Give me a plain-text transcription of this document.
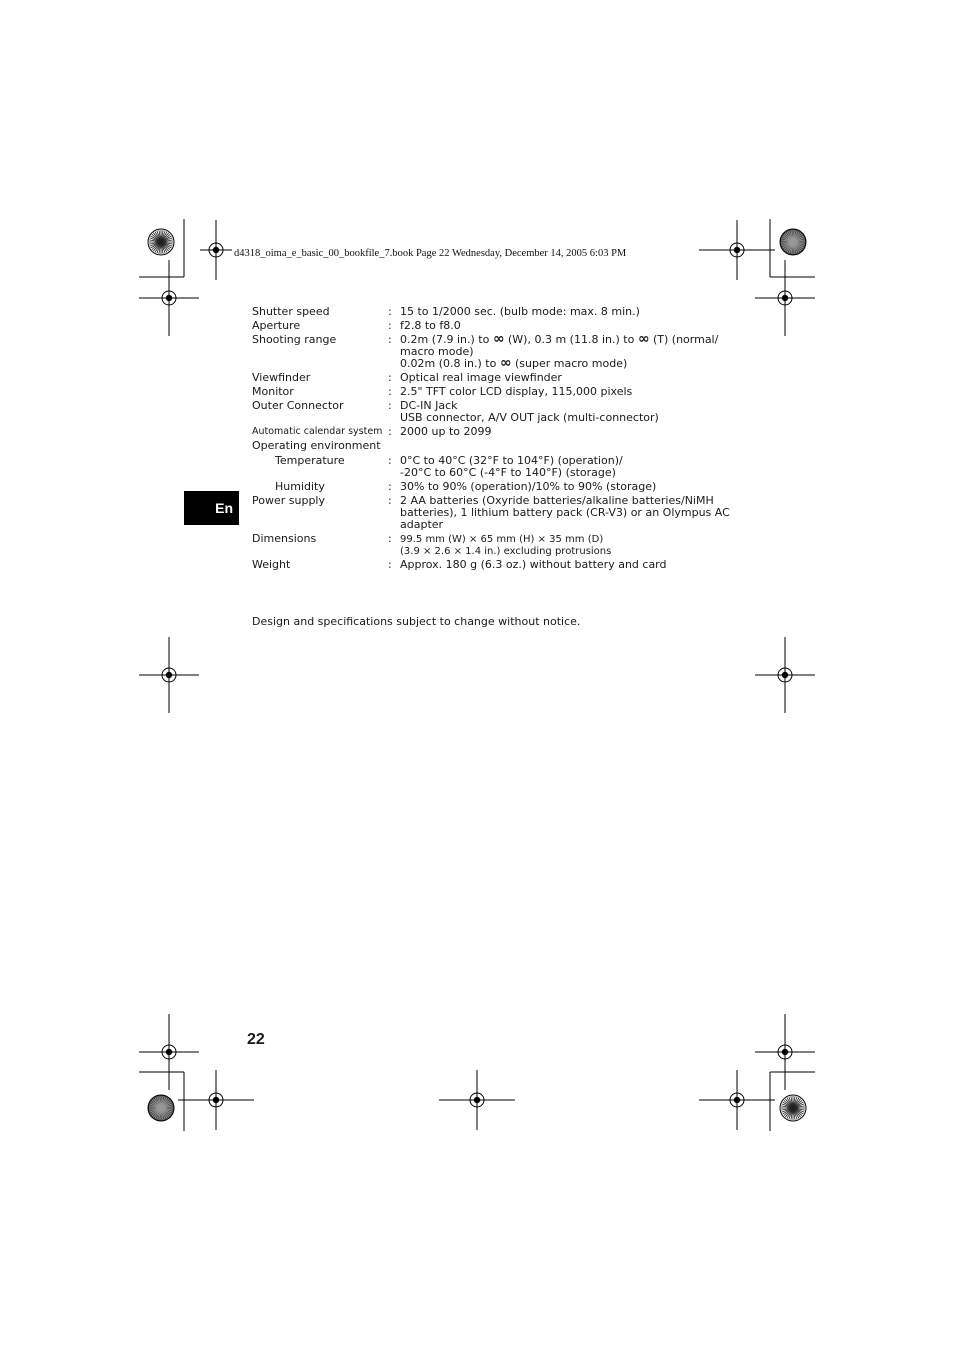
d4318_oima_e_basic_00_bookfile_7.book Page 22 Wednesday, December 14, 2005 6:03 PM
En
Shutter speed	: 15 to 1/2000 sec. (bulb mode: max. 8 min.)
Aperture	: f2.8 to f8.0
Shooting range	: 0.2m (7.9 in.) to ∞ (W), 0.3 m (11.8 in.) to ∞ (T) (normal/
macro mode)
0.02m (0.8 in.) to ∞ (super macro mode)
Viewfinder	: Optical real image viewfinder
Monitor	: 2.5" TFT color LCD display, 115,000 pixels
Outer Connector	: DC-IN Jack
USB connector, A/V OUT jack (multi-connector)
Automatic calendar system : 2000 up to 2099
Operating environment
Temperature	: 0°C to 40°C (32°F to 104°F) (operation)/
-20°C to 60°C (-4°F to 140°F) (storage)
Humidity	: 30% to 90% (operation)/10% to 90% (storage)
Power supply	: 2 AA batteries (Oxyride batteries/alkaline batteries/NiMH
batteries), 1 lithium battery pack (CR-V3) or an Olympus AC
adapter
Dimensions	: 99.5 mm (W) × 65 mm (H) × 35 mm (D)
(3.9 × 2.6 × 1.4 in.) excluding protrusions
Weight	: Approx. 180 g (6.3 oz.) without battery and card
Design and specifications subject to change without notice.
22
